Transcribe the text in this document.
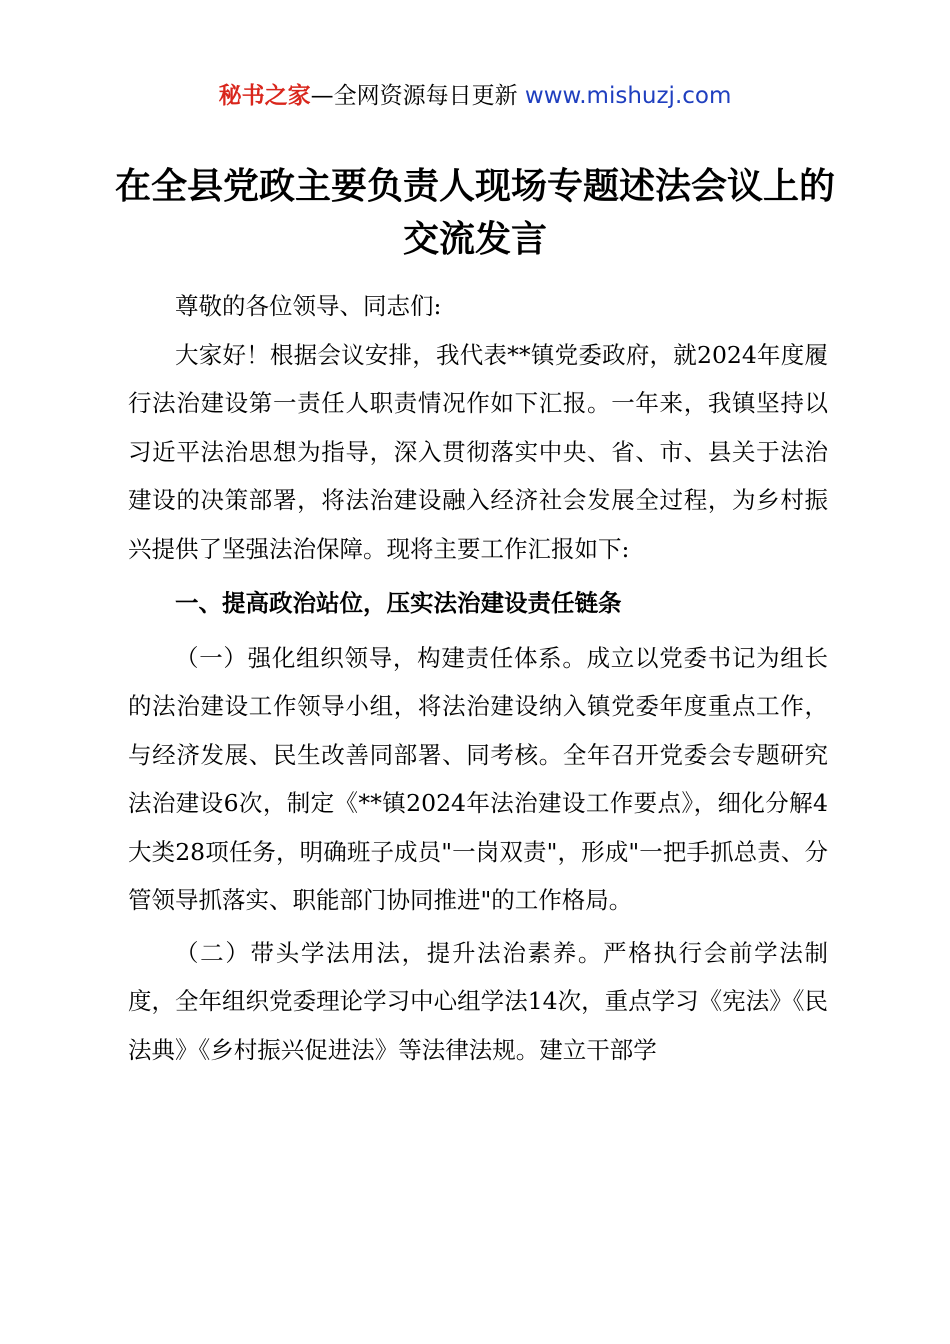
秘书之家—全网资源每日更新 www.mishuzj.com
在全县党政主要负责人现场专题述法会议上的交流发言

尊敬的各位领导、同志们:

大家好！根据会议安排，我代表**镇党委政府，就2024年度履行法治建设第一责任人职责情况作如下汇报。一年来，我镇坚持以习近平法治思想为指导，深入贯彻落实中央、省、市、县关于法治建设的决策部署，将法治建设融入经济社会发展全过程，为乡村振兴提供了坚强法治保障。现将主要工作汇报如下:

一、提高政治站位，压实法治建设责任链条

（一）强化组织领导，构建责任体系。成立以党委书记为组长的法治建设工作领导小组，将法治建设纳入镇党委年度重点工作，与经济发展、民生改善同部署、同考核。全年召开党委会专题研究法治建设6次，制定《**镇2024年法治建设工作要点》，细化分解4大类28项任务，明确班子成员"一岗双责"，形成"一把手抓总责、分管领导抓落实、职能部门协同推进"的工作格局。

（二）带头学法用法，提升法治素养。严格执行会前学法制度，全年组织党委理论学习中心组学法14次，重点学习《宪法》《民法典》《乡村振兴促进法》等法律法规。建立干部学
